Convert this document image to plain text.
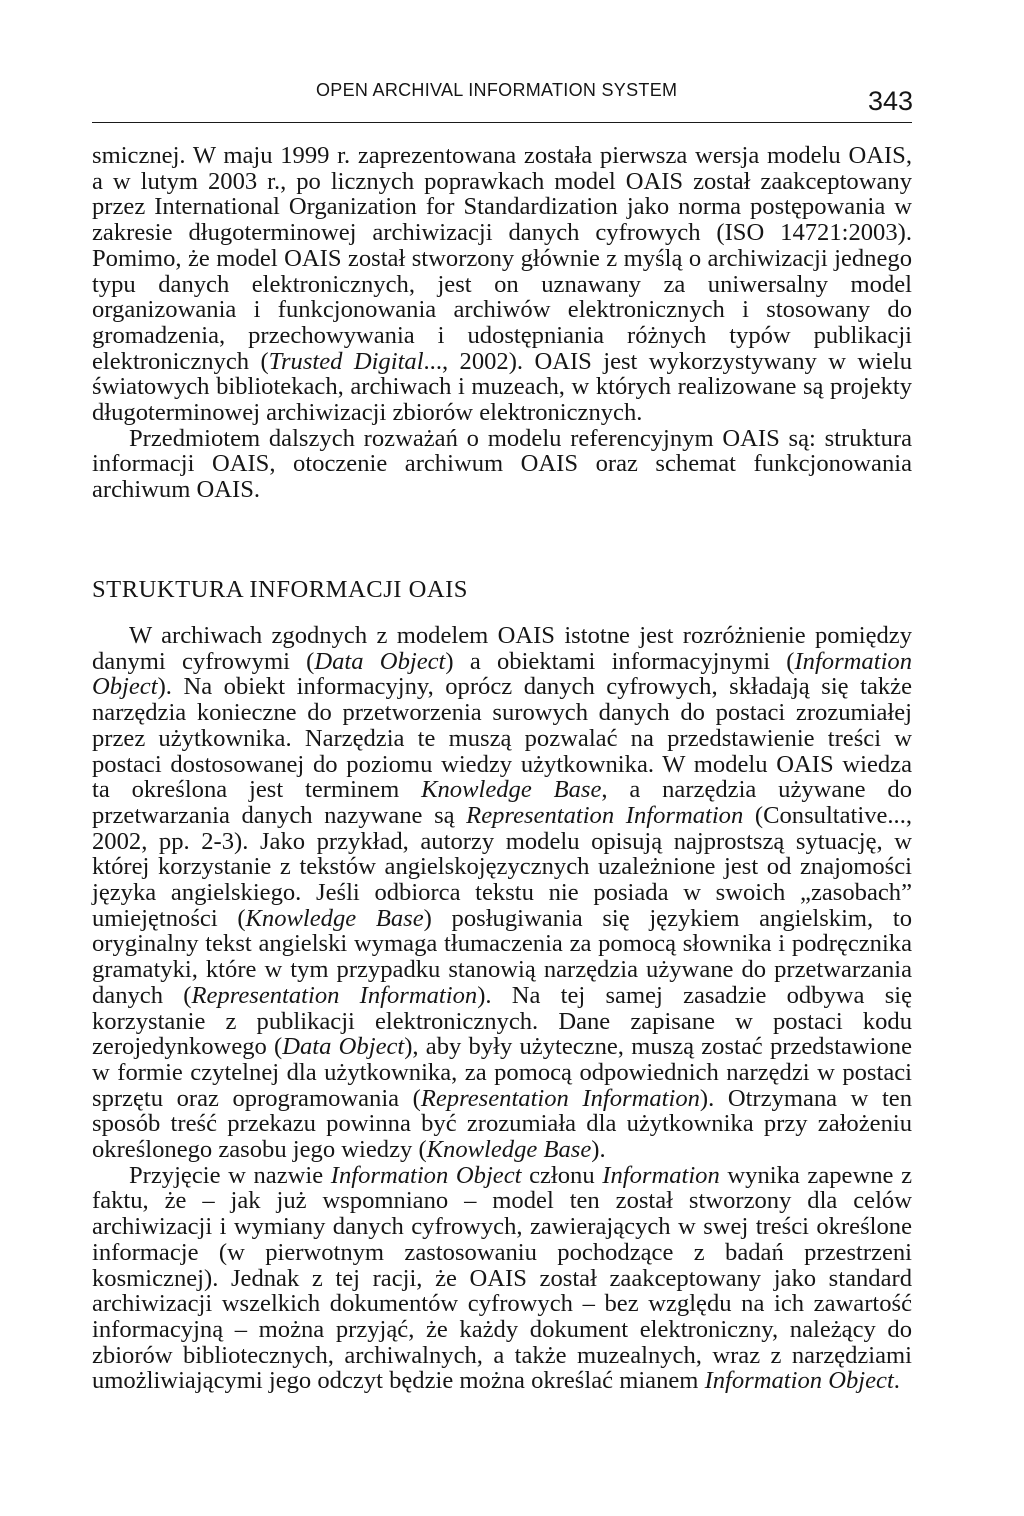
OPEN ARCHIVAL INFORMATION SYSTEM	343

smicznej. W maju 1999 r. zaprezentowana została pierwsza wersja modelu OAIS, a w lutym 2003 r., po licznych poprawkach model OAIS został zaakceptowany przez International Organization for Standardization jako norma postępowania w zakresie długoterminowej archiwizacji danych cyfrowych (ISO 14721:2003). Pomimo, że model OAIS został stworzony głównie z myślą o archiwizacji jednego typu danych elektronicznych, jest on uznawany za uniwersalny model organizowania i funkcjonowania archiwów elektronicznych i stosowany do gromadzenia, przechowywania i udostępniania różnych typów publikacji elektronicznych (Trusted Digital..., 2002). OAIS jest wykorzystywany w wielu światowych bibliotekach, archiwach i muzeach, w których realizowane są projekty długoterminowej archiwizacji zbiorów elektronicznych.

Przedmiotem dalszych rozważań o modelu referencyjnym OAIS są: struktura informacji OAIS, otoczenie archiwum OAIS oraz schemat funkcjonowania archiwum OAIS.

STRUKTURA INFORMACJI OAIS

W archiwach zgodnych z modelem OAIS istotne jest rozróżnienie pomiędzy danymi cyfrowymi (Data Object) a obiektami informacyjnymi (Information Object). Na obiekt informacyjny, oprócz danych cyfrowych, składają się także narzędzia konieczne do przetworzenia surowych danych do postaci zrozumiałej przez użytkownika. Narzędzia te muszą pozwalać na przedstawienie treści w postaci dostosowanej do poziomu wiedzy użytkownika. W modelu OAIS wiedza ta określona jest terminem Knowledge Base, a narzędzia używane do przetwarzania danych nazywane są Representation Information (Consultative..., 2002, pp. 2-3). Jako przykład, autorzy modelu opisują najprostszą sytuację, w której korzystanie z tekstów angielskojęzycznych uzależnione jest od znajomości języka angielskiego. Jeśli odbiorca tekstu nie posiada w swoich „zasobach” umiejętności (Knowledge Base) posługiwania się językiem angielskim, to oryginalny tekst angielski wymaga tłumaczenia za pomocą słownika i podręcznika gramatyki, które w tym przypadku stanowią narzędzia używane do przetwarzania danych (Representation Information). Na tej samej zasadzie odbywa się korzystanie z publikacji elektronicznych. Dane zapisane w postaci kodu zerojedynkowego (Data Object), aby były użyteczne, muszą zostać przedstawione w formie czytelnej dla użytkownika, za pomocą odpowiednich narzędzi w postaci sprzętu oraz oprogramowania (Representation Information). Otrzymana w ten sposób treść przekazu powinna być zrozumiała dla użytkownika przy założeniu określonego zasobu jego wiedzy (Knowledge Base).

Przyjęcie w nazwie Information Object członu Information wynika zapewne z faktu, że – jak już wspomniano – model ten został stworzony dla celów archiwizacji i wymiany danych cyfrowych, zawierających w swej treści określone informacje (w pierwotnym zastosowaniu pochodzące z badań przestrzeni kosmicznej). Jednak z tej racji, że OAIS został zaakceptowany jako standard archiwizacji wszelkich dokumentów cyfrowych – bez względu na ich zawartość informacyjną – można przyjąć, że każdy dokument elektroniczny, należący do zbiorów bibliotecznych, archiwalnych, a także muzealnych, wraz z narzędziami umożliwiającymi jego odczyt będzie można określać mianem Information Object.
